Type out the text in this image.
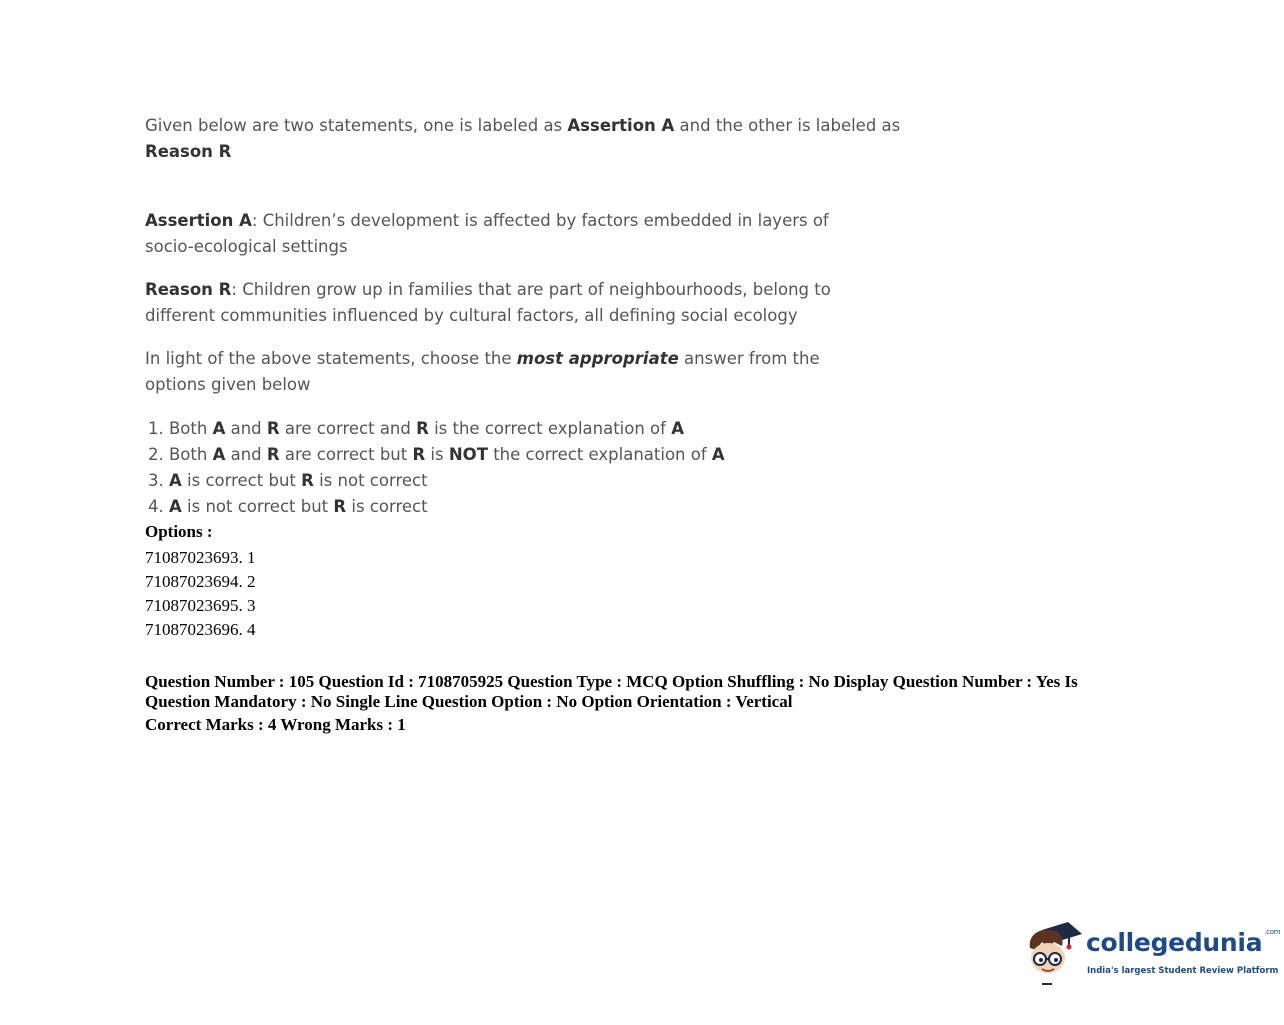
Given below are two statements, one is labeled as Assertion A and the other is labeled as
Reason R
Assertion A: Children’s development is affected by factors embedded in layers of socio-ecological settings
Reason R: Children grow up in families that are part of neighbourhoods, belong to different communities influenced by cultural factors, all defining social ecology
In light of the above statements, choose the most appropriate answer from the options given below
1. Both A and R are correct and R is the correct explanation of A
2. Both A and R are correct but R is NOT the correct explanation of A
3. A is correct but R is not correct
4. A is not correct but R is correct
Options :
71087023693. 1
71087023694. 2
71087023695. 3
71087023696. 4
Question Number : 105 Question Id : 7108705925 Question Type : MCQ Option Shuffling : No Display Question Number : Yes Is Question Mandatory : No Single Line Question Option : No Option Orientation : Vertical
Correct Marks : 4 Wrong Marks : 1
collegedunia $^{.com}$
India's largest Student Review Platform
